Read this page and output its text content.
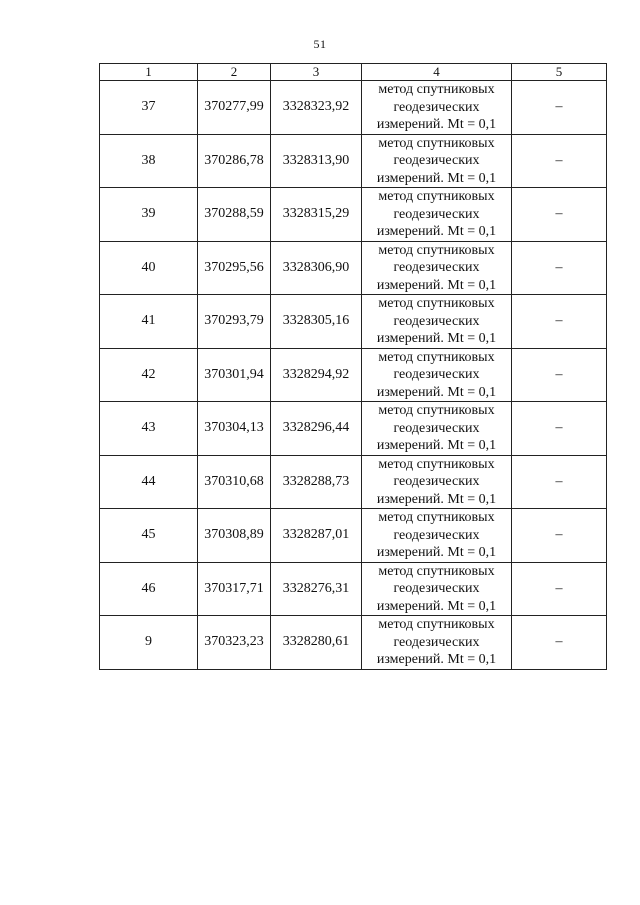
51
1	2	3	4	5
37	370277,99	3328323,92	метод спутниковых
геодезических
измерений. Mt = 0,1	–
38	370286,78	3328313,90	метод спутниковых
геодезических
измерений. Mt = 0,1	–
39	370288,59	3328315,29	метод спутниковых
геодезических
измерений. Mt = 0,1	–
40	370295,56	3328306,90	метод спутниковых
геодезических
измерений. Mt = 0,1	–
41	370293,79	3328305,16	метод спутниковых
геодезических
измерений. Mt = 0,1	–
42	370301,94	3328294,92	метод спутниковых
геодезических
измерений. Mt = 0,1	–
43	370304,13	3328296,44	метод спутниковых
геодезических
измерений. Mt = 0,1	–
44	370310,68	3328288,73	метод спутниковых
геодезических
измерений. Mt = 0,1	–
45	370308,89	3328287,01	метод спутниковых
геодезических
измерений. Mt = 0,1	–
46	370317,71	3328276,31	метод спутниковых
геодезических
измерений. Mt = 0,1	–
9	370323,23	3328280,61	метод спутниковых
геодезических
измерений. Mt = 0,1	–
